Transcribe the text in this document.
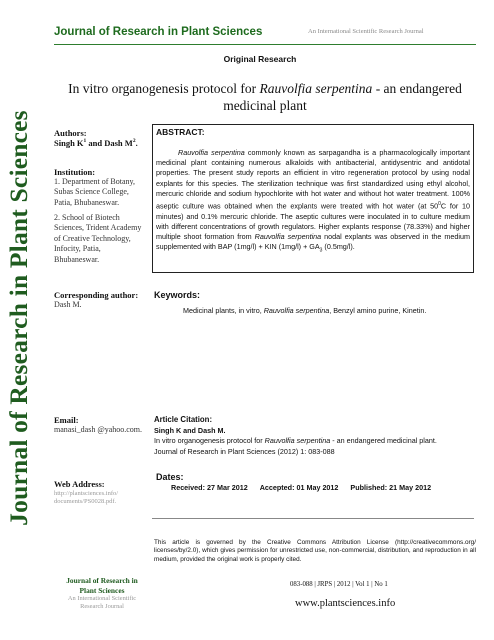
Journal of Research in Plant Sciences
Journal of Research in Plant Sciences	An International Scientific Research Journal
Original Research
In vitro organogenesis protocol for Rauvolfia serpentina - an endangered medicinal plant
Authors:
Singh $K^1$ and Dash $M^2$.
Institution:
1. Department of Botany,
Subas Science College,
Patia, Bhubaneswar.
2. School of Biotech
Sciences, Trident Academy
of Creative Technology,
Infocity, Patia,
Bhubaneswar.
Corresponding author:
Dash M.
Email:
manasi_dash @yahoo.com.
Web Address:
http://plantsciences.info/
documents/PS0028.pdf.
ABSTRACT:
Rauvolfia serpentina commonly known as sarpagandha is a pharmacologically important medicinal plant containing numerous alkaloids with antibacterial, antidysentric and antidotal properties. The present study reports an efficient in vitro regeneration protocol by using nodal explants for this species. The sterilization technique was first standardized using ethyl alcohol, mercuric chloride and sodium hypochlorite with hot water and without hot water treatment. 100% aseptic culture was obtained when the explants were treated with hot water (at $50^0C$ for 10 minutes) and 0.1% mercuric chloride. The aseptic cultures were inoculated in to culture medium with different concentrations of growth regulators. Higher explants response (78.33%) and higher multiple shoot formation from Rauvolfia serpentina nodal explants was observed in the medium supplemented with BAP (1mg/l) + KIN $(1mg/l) + GA_3$ (0.5mg/l).
Keywords:
Medicinal plants, in vitro, Rauvolfia serpentina, Benzyl amino purine, Kinetin.
Article Citation:
Singh K and Dash M.
In vitro organogenesis protocol for Rauvolfia serpentina - an endangered medicinal plant.
Journal of Research in Plant Sciences (2012) 1: 083-088
Dates:
Received: 27 Mar 2012 Accepted: 01 May 2012 Published: 21 May 2012
This article is governed by the Creative Commons Attribution License (http://creativecommons.org/ licenses/by/2.0), which gives permission for unrestricted use, non-commercial, distribution, and reproduction in all medium, provided the original work is properly cited.
Journal of Research in
Plant Sciences
An International Scientific
Research Journal
083-088 | JRPS | 2012 | Vol 1 | No 1
www.plantsciences.info
